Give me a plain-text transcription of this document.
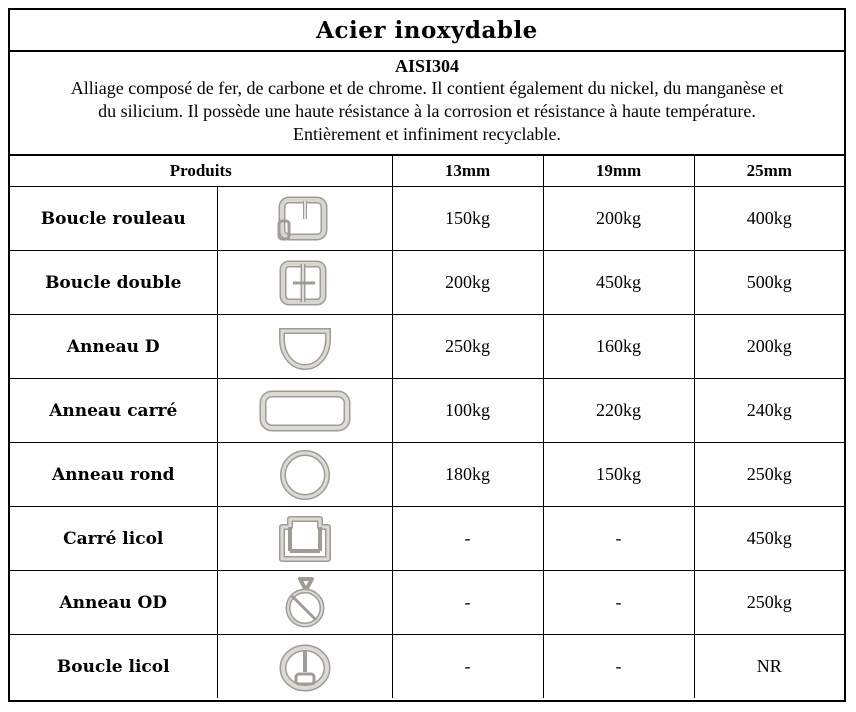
Acier inoxydable
AISI304
Alliage composé de fer, de carbone et de chrome. Il contient également du nickel, du manganèse et
du silicium. Il possède une haute résistance à la corrosion et résistance à haute température.
Entièrement et infiniment recyclable.
Produits		13mm	19mm	25mm
Boucle rouleau		150kg	200kg	400kg
Boucle double		200kg	450kg	500kg
Anneau D		250kg	160kg	200kg
Anneau carré		100kg	220kg	240kg
Anneau rond		180kg	150kg	250kg
Carré licol		-	-	450kg
Anneau OD		-	-	250kg
Boucle licol		-	-	NR
